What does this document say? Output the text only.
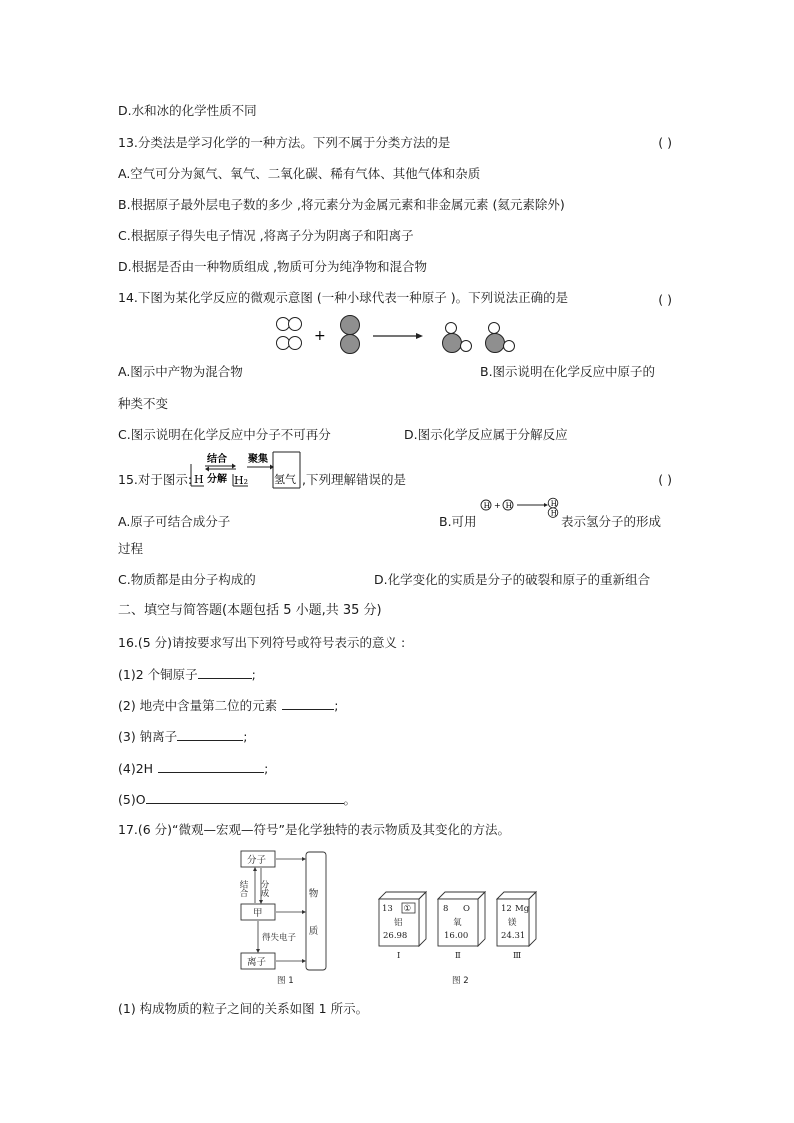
D.水和冰的化学性质不同
13.分类法是学习化学的一种方法。下列不属于分类方法的是	( )
A.空气可分为氮气、氧气、二氧化碳、稀有气体、其他气体和杂质
B.根据原子最外层电子数的多少 ,将元素分为金属元素和非金属元素 (氦元素除外)
C.根据原子得失电子情况 ,将离子分为阴离子和阳离子
D.根据是否由一种物质组成 ,物质可分为纯净物和混合物
14.下图为某化学反应的微观示意图 (一种小球代表一种原子 )。下列说法正确的是	( )
+
A.图示中产物为混合物	B.图示说明在化学反应中原子的
种类不变
C.图示说明在化学反应中分子不可再分	D.图示化学反应属于分解反应
15.对于图示: H
结合
分解 H₂
聚集
氢气 ,下列理解错误的是	( )
A.原子可结合成分子	B.可用
H + H	H
H
表示氢分子的形成
过程
C.物质都是由分子构成的	D.化学变化的实质是分子的破裂和原子的重新组合
二、填空与简答题(本题包括 5 小题,共 35 分)
16.(5 分)请按要求写出下列符号或符号表示的意义 :
(1)2 个铜原子	;
(2) 地壳中含量第二位的元素	;
(3) 钠离子	;
(4)2H	;
(5)O	。
17.(6 分)“微观—宏观—符号”是化学独特的表示物质及其变化的方法。
分子
甲
离子	物质
结合 分成
得失电子
图 1
13 ①
铝
26.98
Ⅰ
8 O
氧
16.00
Ⅱ
12 Mg
镁
24.31
Ⅲ
图 2
(1) 构成物质的粒子之间的关系如图 1 所示。
